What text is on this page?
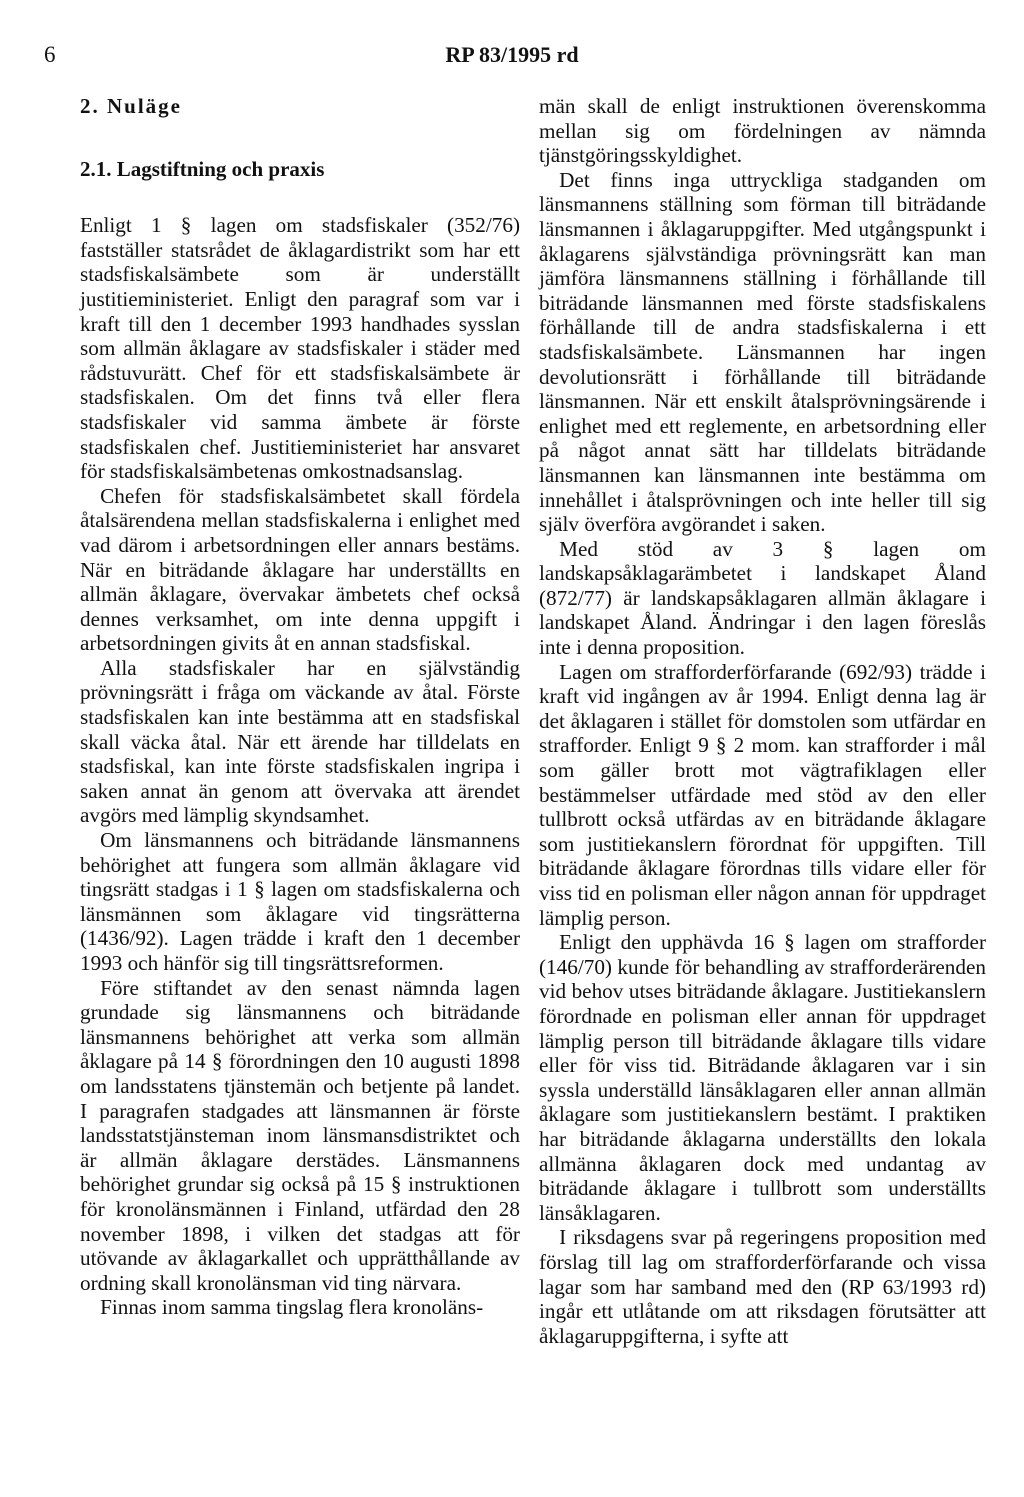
6	RP 83/1995 rd
2. Nuläge
2.1. Lagstiftning och praxis

Enligt 1 § lagen om stadsfiskaler (352/76) fastställer statsrådet de åklagardistrikt som har ett stadsfiskalsämbete som är underställt justitieministeriet. Enligt den paragraf som var i kraft till den 1 december 1993 handhades sysslan som allmän åklagare av stadsfiskaler i städer med rådstuvurätt. Chef för ett stadsfiskalsämbete är stadsfiskalen. Om det finns två eller flera stadsfiskaler vid samma ämbete är förste stadsfiskalen chef. Justitieministeriet har ansvaret för stadsfiskalsämbetenas omkostnadsanslag.

Chefen för stadsfiskalsämbetet skall fördela åtalsärendena mellan stadsfiskalerna i enlighet med vad därom i arbetsordningen eller annars bestäms. När en biträdande åklagare har underställts en allmän åklagare, övervakar ämbetets chef också dennes verksamhet, om inte denna uppgift i arbetsordningen givits åt en annan stadsfiskal.

Alla stadsfiskaler har en självständig prövningsrätt i fråga om väckande av åtal. Förste stadsfiskalen kan inte bestämma att en stadsfiskal skall väcka åtal. När ett ärende har tilldelats en stadsfiskal, kan inte förste stadsfiskalen ingripa i saken annat än genom att övervaka att ärendet avgörs med lämplig skyndsamhet.

Om länsmannens och biträdande länsmannens behörighet att fungera som allmän åklagare vid tingsrätt stadgas i 1 § lagen om stadsfiskalerna och länsmännen som åklagare vid tingsrätterna (1436/92). Lagen trädde i kraft den 1 december 1993 och hänför sig till tingsrättsreformen.

Före stiftandet av den senast nämnda lagen grundade sig länsmannens och biträdande länsmannens behörighet att verka som allmän åklagare på 14 § förordningen den 10 augusti 1898 om landsstatens tjänstemän och betjente på landet. I paragrafen stadgades att länsmannen är förste landsstatstjänsteman inom länsmansdistriktet och är allmän åklagare derstädes. Länsmannens behörighet grundar sig också på 15 § instruktionen för kronolänsmännen i Finland, utfärdad den 28 november 1898, i vilken det stadgas att för utövande av åklagarkallet och upprätthållande av ordning skall kronolänsman vid ting närvara.

Finnas inom samma tingslag flera kronoläns-

män skall de enligt instruktionen överenskomma mellan sig om fördelningen av nämnda tjänstgöringsskyldighet.

Det finns inga uttryckliga stadganden om länsmannens ställning som förman till biträdande länsmannen i åklagaruppgifter. Med utgångspunkt i åklagarens självständiga prövningsrätt kan man jämföra länsmannens ställning i förhållande till biträdande länsmannen med förste stadsfiskalens förhållande till de andra stadsfiskalerna i ett stadsfiskalsämbete. Länsmannen har ingen devolutionsrätt i förhållande till biträdande länsmannen. När ett enskilt åtalsprövningsärende i enlighet med ett reglemente, en arbetsordning eller på något annat sätt har tilldelats biträdande länsmannen kan länsmannen inte bestämma om innehållet i åtalsprövningen och inte heller till sig själv överföra avgörandet i saken.

Med stöd av 3 § lagen om landskapsåklagarämbetet i landskapet Åland (872/77) är landskapsåklagaren allmän åklagare i landskapet Åland. Ändringar i den lagen föreslås inte i denna proposition.

Lagen om strafforderförfarande (692/93) trädde i kraft vid ingången av år 1994. Enligt denna lag är det åklagaren i stället för domstolen som utfärdar en strafforder. Enligt 9 § 2 mom. kan strafforder i mål som gäller brott mot vägtrafiklagen eller bestämmelser utfärdade med stöd av den eller tullbrott också utfärdas av en biträdande åklagare som justitiekanslern förordnat för uppgiften. Till biträdande åklagare förordnas tills vidare eller för viss tid en polisman eller någon annan för uppdraget lämplig person.

Enligt den upphävda 16 § lagen om strafforder (146/70) kunde för behandling av strafforderärenden vid behov utses biträdande åklagare. Justitiekanslern förordnade en polisman eller annan för uppdraget lämplig person till biträdande åklagare tills vidare eller för viss tid. Biträdande åklagaren var i sin syssla underställd länsåklagaren eller annan allmän åklagare som justitiekanslern bestämt. I praktiken har biträdande åklagarna underställts den lokala allmänna åklagaren dock med undantag av biträdande åklagare i tullbrott som underställts länsåklagaren.

I riksdagens svar på regeringens proposition med förslag till lag om strafforderförfarande och vissa lagar som har samband med den (RP 63/1993 rd) ingår ett utlåtande om att riksdagen förutsätter att åklagaruppgifterna, i syfte att
